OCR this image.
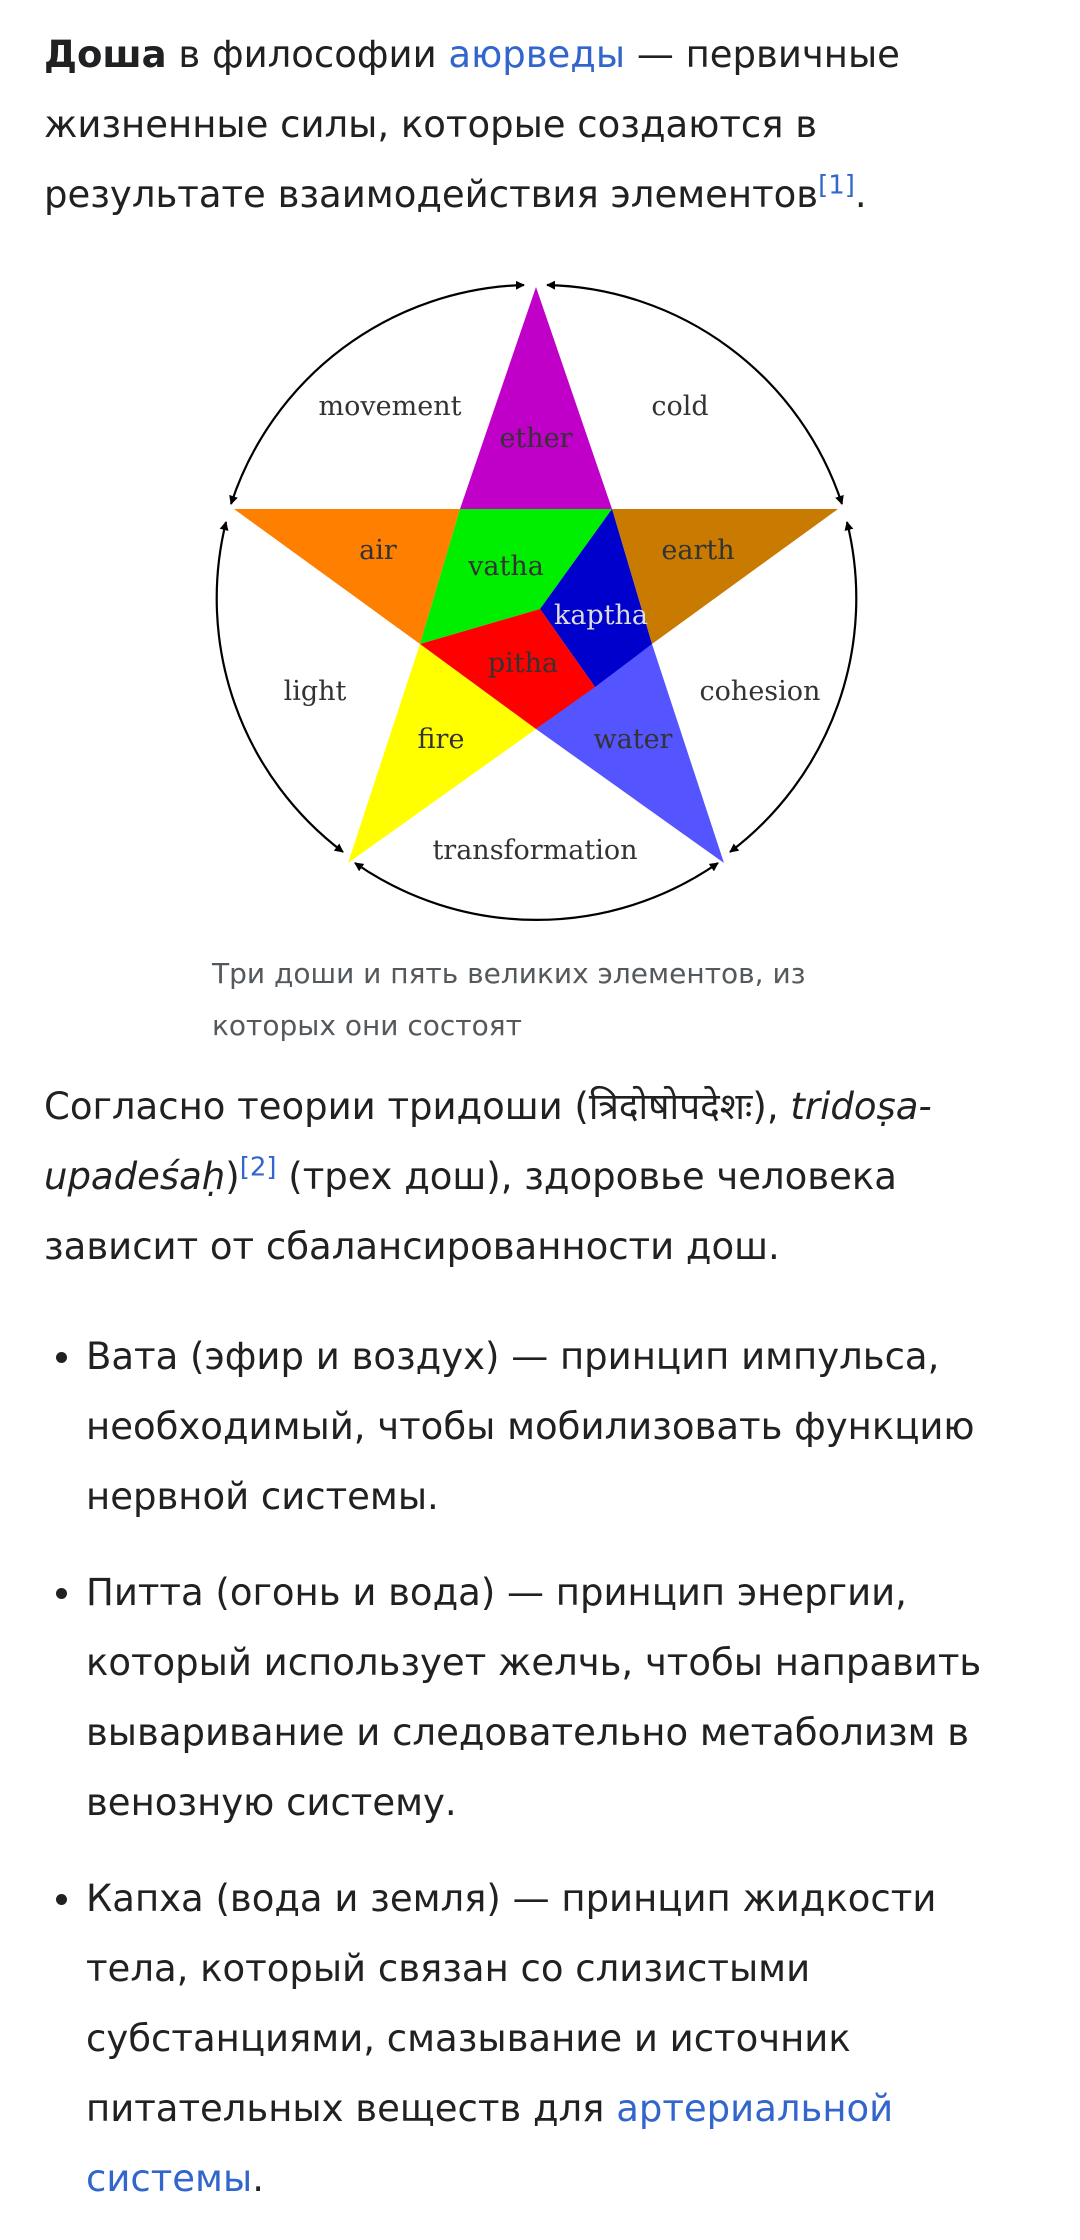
Доша в философии аюрведы — первичные жизненные силы, которые создаются в результате взаимодействия элементов[1].

movement	cold
light	cohesion
transformation
ether
air	earth
vatha
kaptha
pitha
fire	water

Три доши и пять великих элементов, из которых они состоят

Согласно теории тридоши (त्रिदोषोपदेशः), tridoṣa-upadeśaḥ)[2] (трех дош), здоровье человека зависит от сбалансированности дош.

Вата (эфир и воздух) — принцип импульса, необходимый, чтобы мобилизовать функцию нервной системы.
Питта (огонь и вода) — принцип энергии, который использует желчь, чтобы направить вываривание и следовательно метаболизм в венозную систему.
Капха (вода и земля) — принцип жидкости тела, который связан со слизистыми субстанциями, смазывание и источник питательных веществ для артериальной системы.
